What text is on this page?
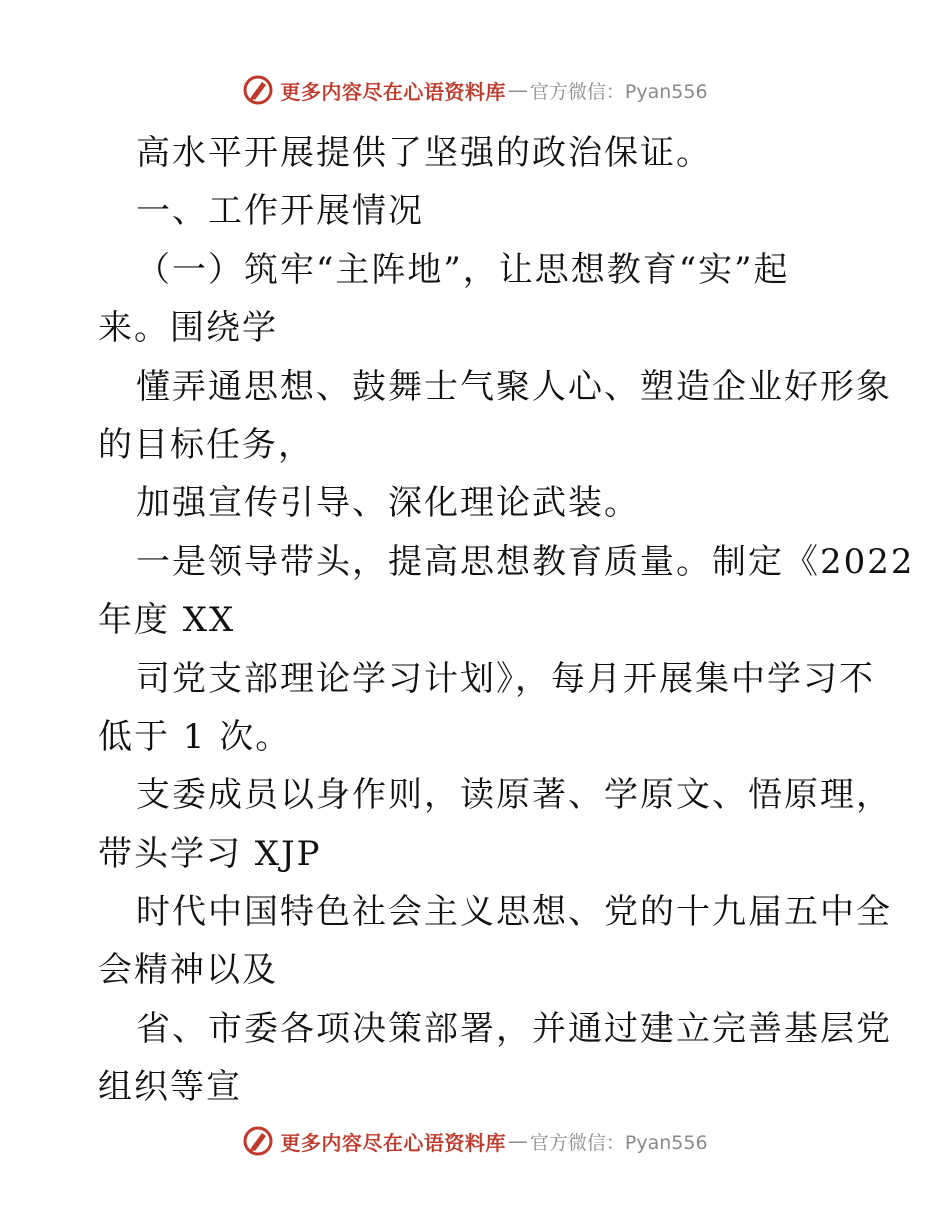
更多内容尽在心语资料库 — 官方微信：Pyan556
高水平开展提供了坚强的政治保证。
一、工作开展情况
（一）筑牢“主阵地”，让思想教育“实”起
来。围绕学
懂弄通思想、鼓舞士气聚人心、塑造企业好形象
的目标任务，
加强宣传引导、深化理论武装。
一是领导带头，提高思想教育质量。制定《2022
年度 XX
司党支部理论学习计划》，每月开展集中学习不
低于 1 次。
支委成员以身作则，读原著、学原文、悟原理，
带头学习 XJP
时代中国特色社会主义思想、党的十九届五中全
会精神以及
省、市委各项决策部署，并通过建立完善基层党
组织等宣
更多内容尽在心语资料库 — 官方微信：Pyan556
